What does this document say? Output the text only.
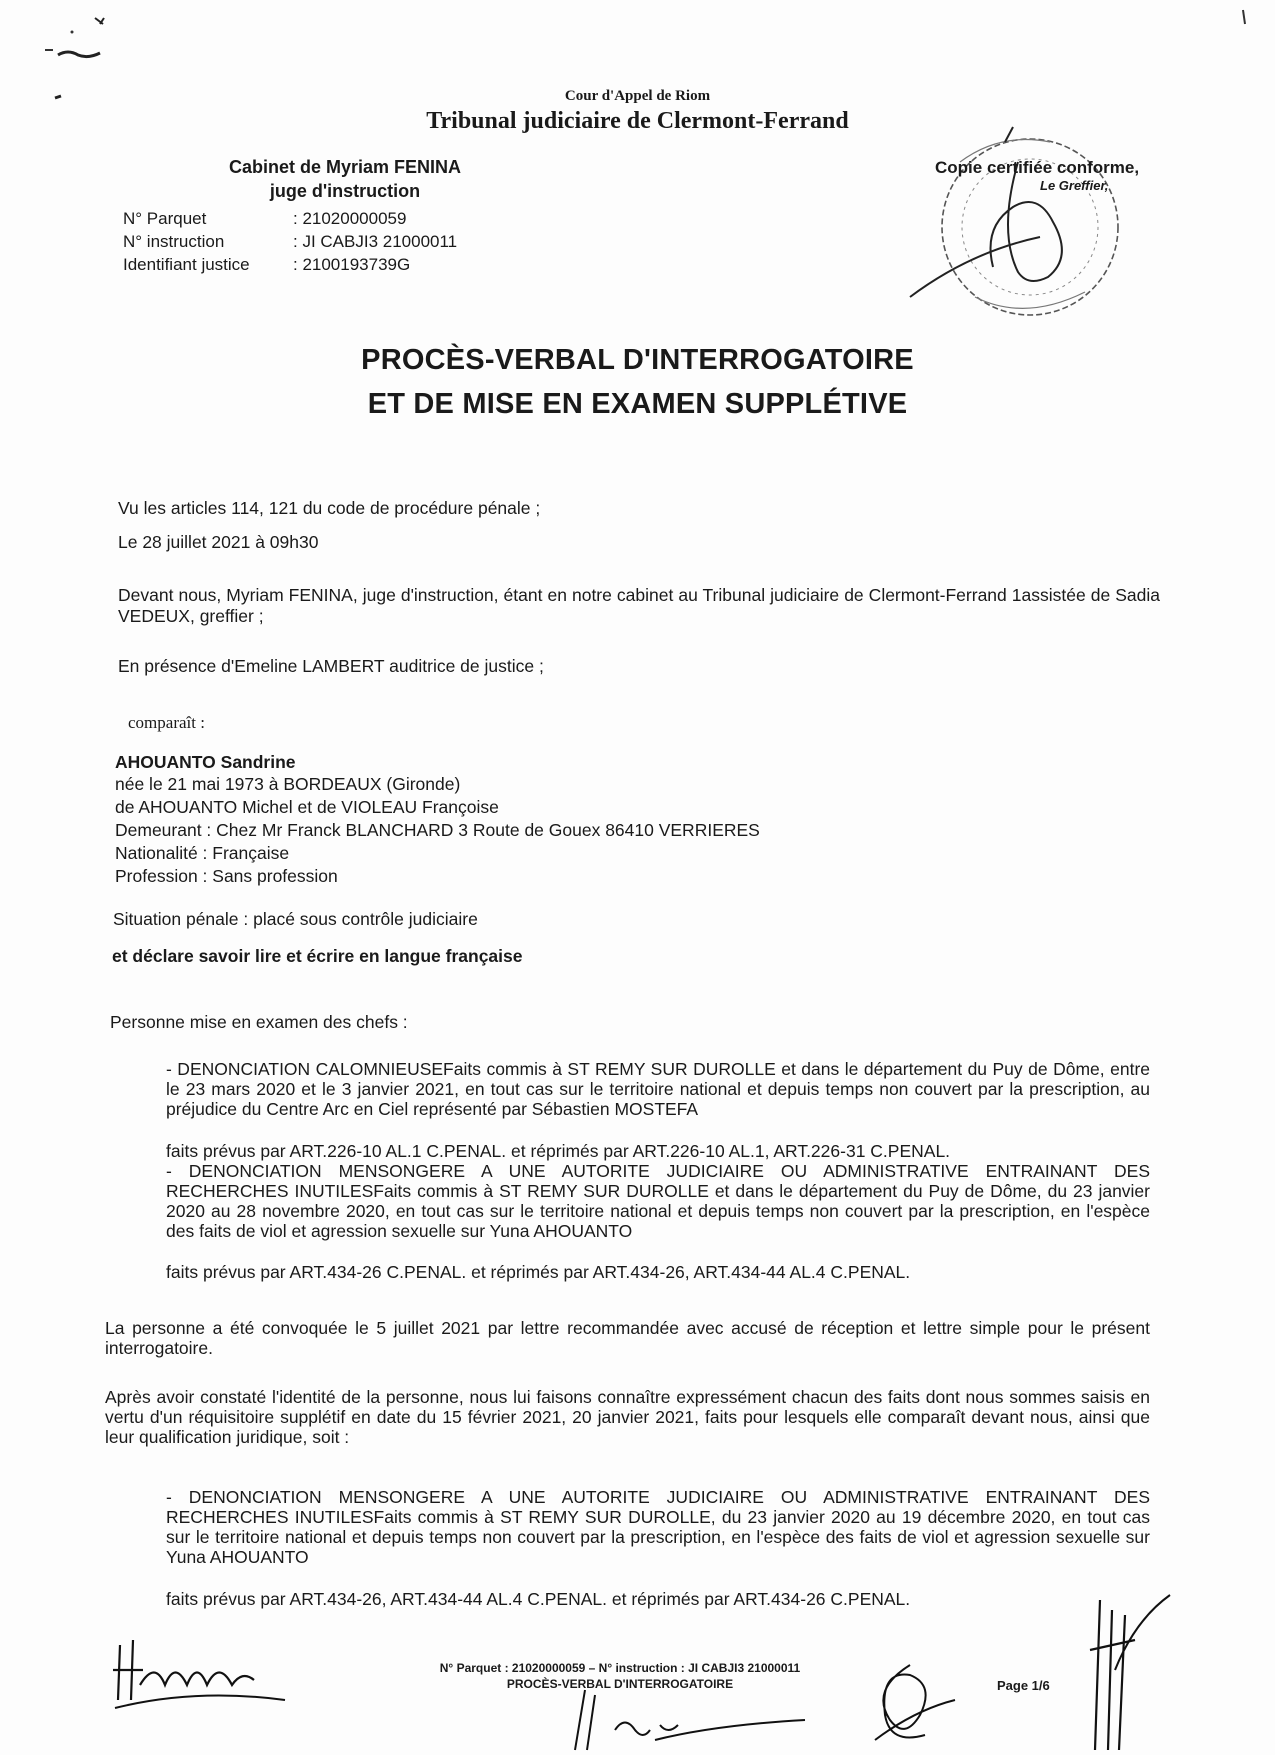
Cour d'Appel de Riom

Tribunal judiciaire de Clermont-Ferrand

Cabinet de Myriam FENINA
juge d'instruction
N° Parquet	: 21020000059
N° instruction	: JI CABJI3 21000011
Identifiant justice	: 2100193739G

Copie certifiée conforme,

Le Greffier,

PROCÈS-VERBAL D'INTERROGATOIRE

ET DE MISE EN EXAMEN SUPPLÉTIVE

Vu les articles 114, 121 du code de procédure pénale ;

Le 28 juillet 2021 à 09h30

Devant nous, Myriam FENINA, juge d'instruction, étant en notre cabinet au Tribunal judiciaire de Clermont-Ferrand 1assistée de Sadia VEDEUX, greffier ;

En présence d'Emeline LAMBERT auditrice de justice ;

comparaît :

AHOUANTO Sandrine

née le 21 mai 1973 à BORDEAUX (Gironde)
de AHOUANTO Michel et de VIOLEAU Françoise
Demeurant : Chez Mr Franck BLANCHARD 3 Route de Gouex 86410 VERRIERES
Nationalité : Française
Profession : Sans profession

Situation pénale : placé sous contrôle judiciaire

et déclare savoir lire et écrire en langue française

Personne mise en examen des chefs :

- DENONCIATION CALOMNIEUSEFaits commis à ST REMY SUR DUROLLE et dans le département du Puy de Dôme, entre le 23 mars 2020 et le 3 janvier 2021, en tout cas sur le territoire national et depuis temps non couvert par la prescription, au préjudice du Centre Arc en Ciel représenté par Sébastien MOSTEFA

faits prévus par ART.226-10 AL.1 C.PENAL. et réprimés par ART.226-10 AL.1, ART.226-31 C.PENAL.

- DENONCIATION MENSONGERE A UNE AUTORITE JUDICIAIRE OU ADMINISTRATIVE ENTRAINANT DES RECHERCHES INUTILESFaits commis à ST REMY SUR DUROLLE et dans le département du Puy de Dôme, du 23 janvier 2020 au 28 novembre 2020, en tout cas sur le territoire national et depuis temps non couvert par la prescription, en l'espèce des faits de viol et agression sexuelle sur Yuna AHOUANTO

faits prévus par ART.434-26 C.PENAL. et réprimés par ART.434-26, ART.434-44 AL.4 C.PENAL.

La personne a été convoquée le 5 juillet 2021 par lettre recommandée avec accusé de réception et lettre simple pour le présent interrogatoire.

Après avoir constaté l'identité de la personne, nous lui faisons connaître expressément chacun des faits dont nous sommes saisis en vertu d'un réquisitoire supplétif en date du 15 février 2021, 20 janvier 2021, faits pour lesquels elle comparaît devant nous, ainsi que leur qualification juridique, soit :

- DENONCIATION MENSONGERE A UNE AUTORITE JUDICIAIRE OU ADMINISTRATIVE ENTRAINANT DES RECHERCHES INUTILESFaits commis à ST REMY SUR DUROLLE, du 23 janvier 2020 au 19 décembre 2020, en tout cas sur le territoire national et depuis temps non couvert par la prescription, en l'espèce des faits de viol et agression sexuelle sur Yuna AHOUANTO

faits prévus par ART.434-26, ART.434-44 AL.4 C.PENAL. et réprimés par ART.434-26 C.PENAL.

N° Parquet : 21020000059 – N° instruction : JI CABJI3 21000011
PROCÈS-VERBAL D'INTERROGATOIRE	Page 1/6
